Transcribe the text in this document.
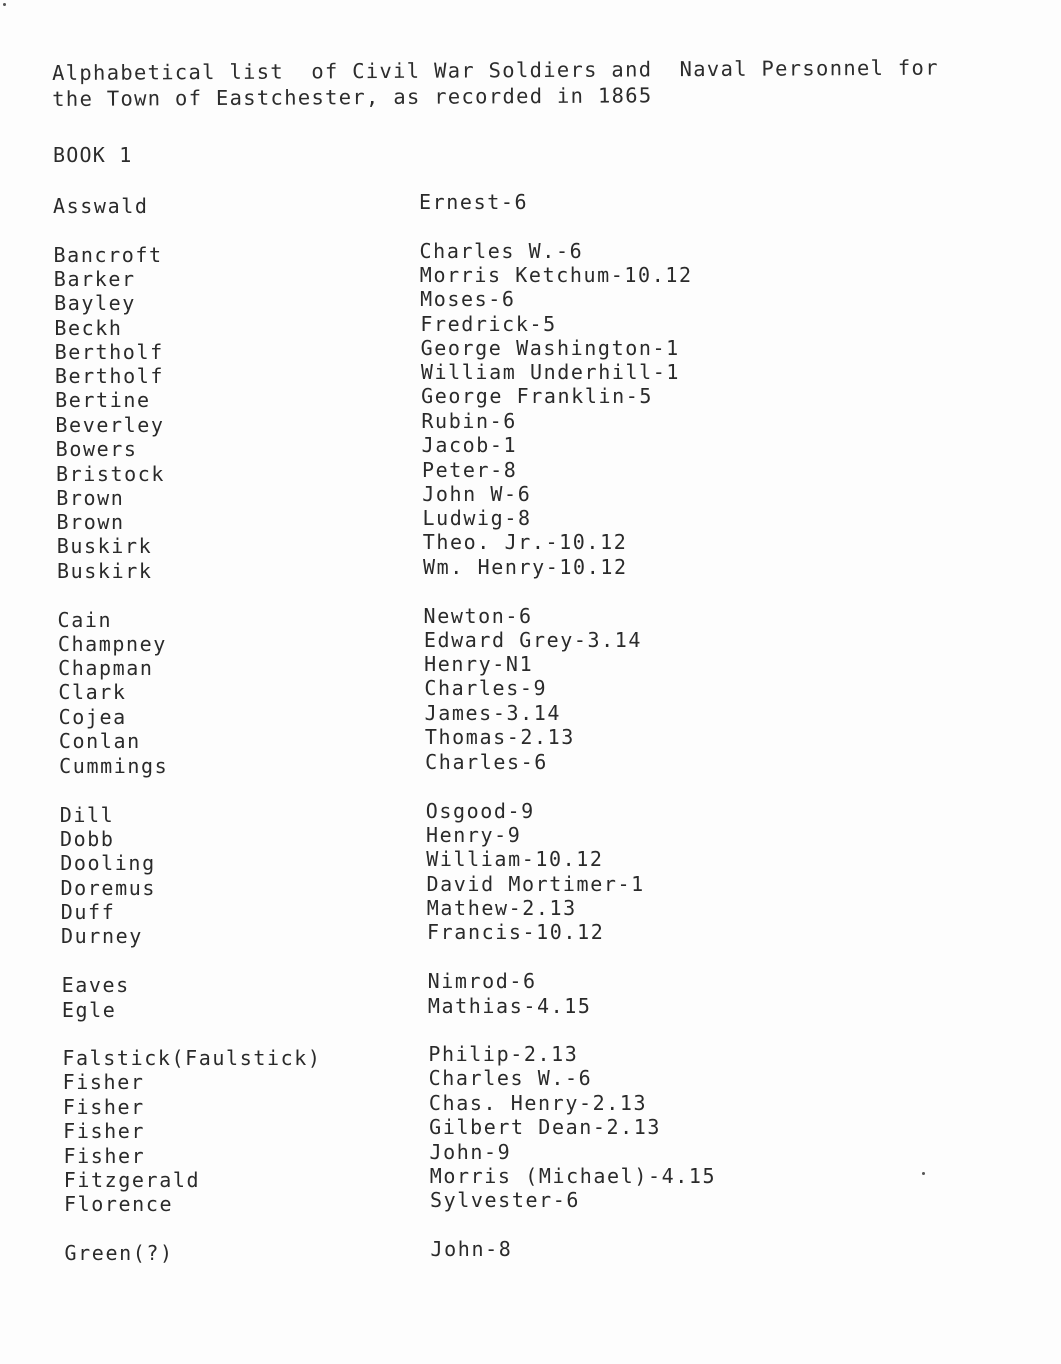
Alphabetical list  of Civil War Soldiers and  Naval Personnel for
the Town of Eastchester, as recorded in 1865
BOOK 1
Asswald	Ernest-6
Bancroft	Charles W.-6
Barker	Morris Ketchum-10.12
Bayley	Moses-6
Beckh	Fredrick-5
Bertholf	George Washington-1
Bertholf	William Underhill-1
Bertine	George Franklin-5
Beverley	Rubin-6
Bowers	Jacob-1
Bristock	Peter-8
Brown	John W-6
Brown	Ludwig-8
Buskirk	Theo. Jr.-10.12
Buskirk	Wm. Henry-10.12
Cain	Newton-6
Champney	Edward Grey-3.14
Chapman	Henry-N1
Clark	Charles-9
Cojea	James-3.14
Conlan	Thomas-2.13
Cummings	Charles-6
Dill	Osgood-9
Dobb	Henry-9
Dooling	William-10.12
Doremus	David Mortimer-1
Duff	Mathew-2.13
Durney	Francis-10.12
Eaves	Nimrod-6
Egle	Mathias-4.15
Falstick(Faulstick)	Philip-2.13
Fisher	Charles W.-6
Fisher	Chas. Henry-2.13
Fisher	Gilbert Dean-2.13
Fisher	John-9
Fitzgerald	Morris (Michael)-4.15
Florence	Sylvester-6
Green(?)	John-8
